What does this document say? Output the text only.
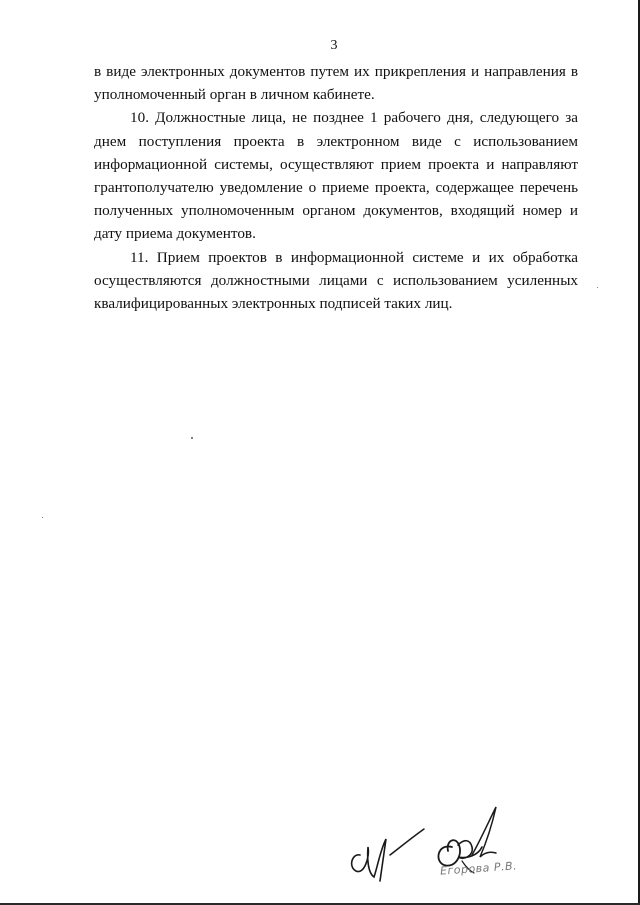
3

в виде электронных документов путем их прикрепления и направления в уполномоченный орган в личном кабинете.

10. Должностные лица, не позднее 1 рабочего дня, следующего за днем поступления проекта в электронном виде с использованием информационной системы, осуществляют прием проекта и направляют грантополучателю уведомление о приеме проекта, содержащее перечень полученных уполномоченным органом документов, входящий номер и дату приема документов.

11. Прием проектов в информационной системе и их обработка осуществляются должностными лицами с использованием усиленных квалифицированных электронных подписей таких лиц.

Егорова Р.В.
